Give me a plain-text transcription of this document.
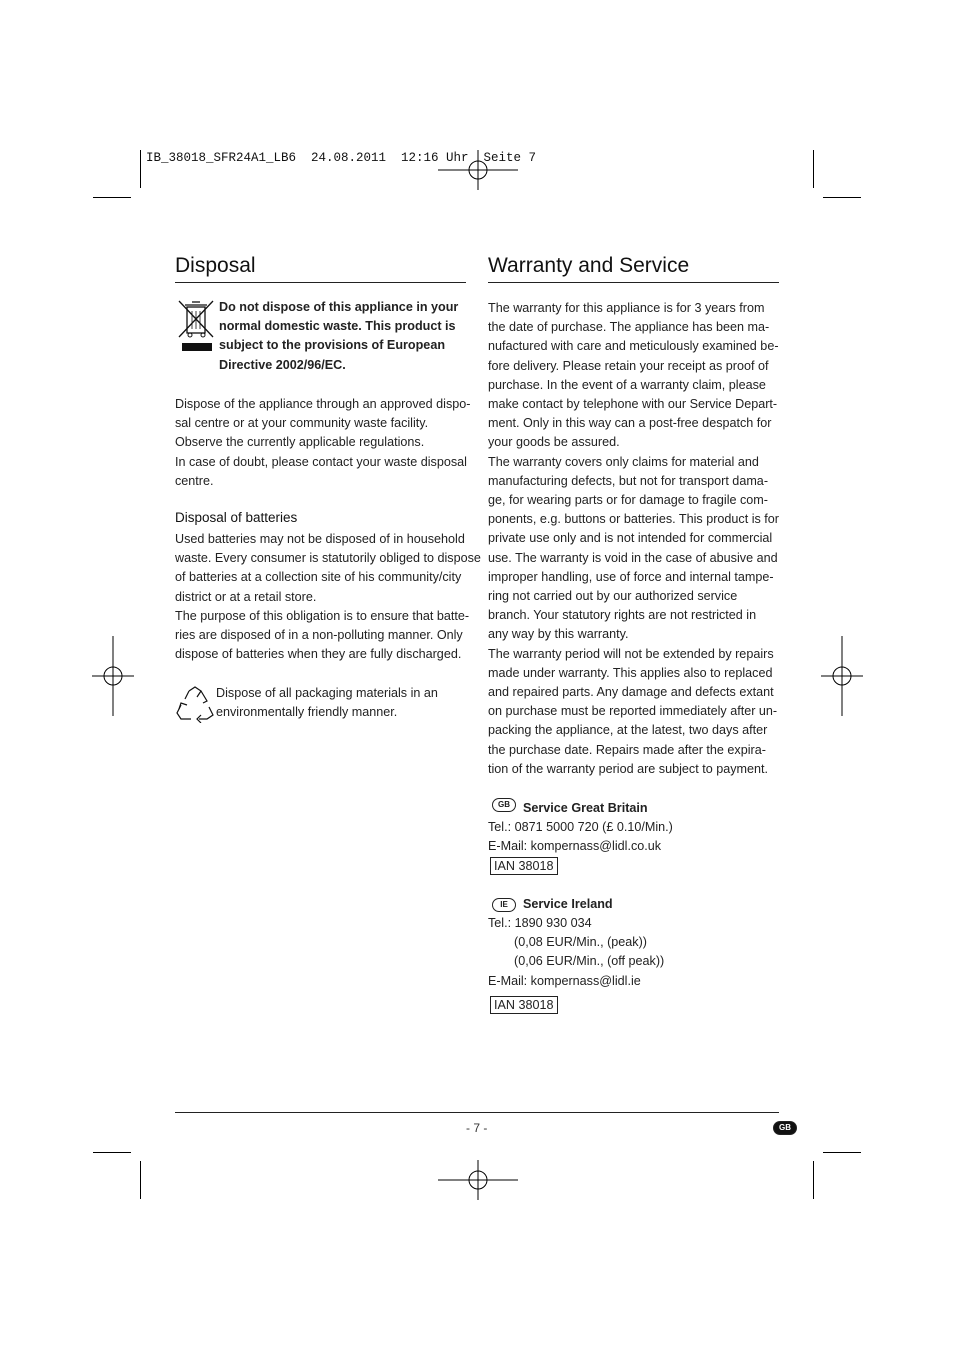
IB_38018_SFR24A1_LB6  24.08.2011  12:16 Uhr  Seite 7
Disposal
Do not dispose of this appliance in your
normal domestic waste. This product is
subject to the provisions of European
Directive 2002/96/EC.
Dispose of the appliance through an approved dispo-
sal centre or at your community waste facility.
Observe the currently applicable regulations.
In case of doubt, please contact your waste disposal
centre.
Disposal of batteries
Used batteries may not be disposed of in household
waste. Every consumer is statutorily obliged to dispose
of batteries at a collection site of his community/city
district or at a retail store.
The purpose of this obligation is to ensure that batte-
ries are disposed of in a non-polluting manner. Only
dispose of batteries when they are fully discharged.
Dispose of all packaging materials in an
environmentally friendly manner.
Warranty and Service
The warranty for this appliance is for 3 years from
the date of purchase. The appliance has been ma-
nufactured with care and meticulously examined be-
fore delivery. Please retain your receipt as proof of
purchase. In the event of a warranty claim, please
make contact by telephone with our Service Depart-
ment. Only in this way can a post-free despatch for
your goods be assured.
The warranty covers only claims for material and
manufacturing defects, but not for transport dama-
ge, for wearing parts or for damage to fragile com-
ponents, e.g. buttons or batteries. This product is for
private use only and is not intended for commercial
use. The warranty is void in the case of abusive and
improper handling, use of force and internal tampe-
ring not carried out by our authorized service
branch. Your statutory rights are not restricted in
any way by this warranty.
The warranty period will not be extended by repairs
made under warranty. This applies also to replaced
and repaired parts. Any damage and defects extant
on purchase must be reported immediately after un-
packing the appliance, at the latest, two days after
the purchase date. Repairs made after the expira-
tion of the warranty period are subject to payment.
GB	Service Great Britain
Tel.: 0871 5000 720 (£ 0.10/Min.)
E-Mail: kompernass@lidl.co.uk
IAN 38018
IE	Service Ireland
Tel.: 1890 930 034
(0,08 EUR/Min., (peak))
(0,06 EUR/Min., (off peak))
E-Mail: kompernass@lidl.ie
IAN 38018
- 7 -	GB
